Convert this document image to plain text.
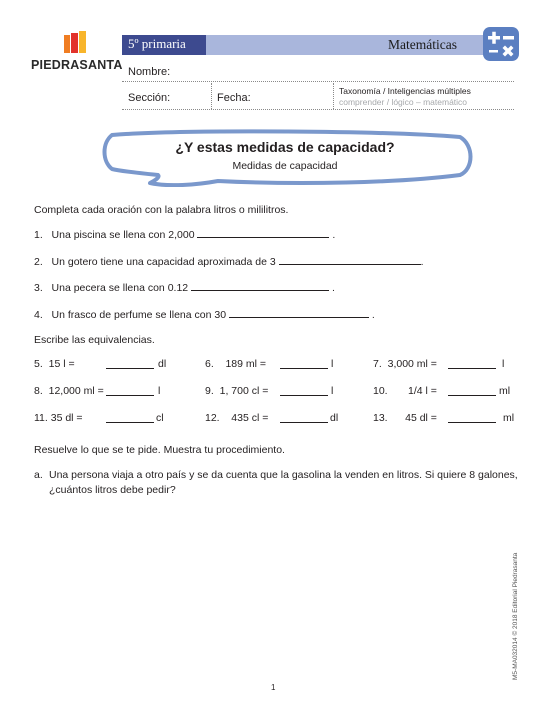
PIEDRASANTA
5º primaria	Matemáticas
Nombre:
Sección:	Fecha:
Taxonomía / Inteligencias múltiples
comprender / lógico – matemático
¿Y estas medidas de capacidad?
Medidas de capacidad
Completa cada oración con la palabra litros o mililitros.
1. Una piscina se llena con 2,000	.
2. Un gotero tiene una capacidad aproximada de 3	.
3. Una pecera se llena con 0.12	.
4. Un frasco de perfume se llena con 30	.
Escribe las equivalencias.
5. 15 l =	dl	6. 189 ml =	l	7. 3,000 ml =	l
8. 12,000 ml =	l	9. 1, 700 cl =	l	10. 1/4 l =	ml
11. 35 dl =	cl	12. 435 cl =	dl	13. 45 dl =	ml
Resuelve lo que se te pide. Muestra tu procedimiento.
a. Una persona viaja a otro país y se da cuenta que la gasolina la venden en litros. Si quiere 8 galones,
¿cuántos litros debe pedir?
1
M5-MA032014 © 2018 Editorial Piedrasanta
